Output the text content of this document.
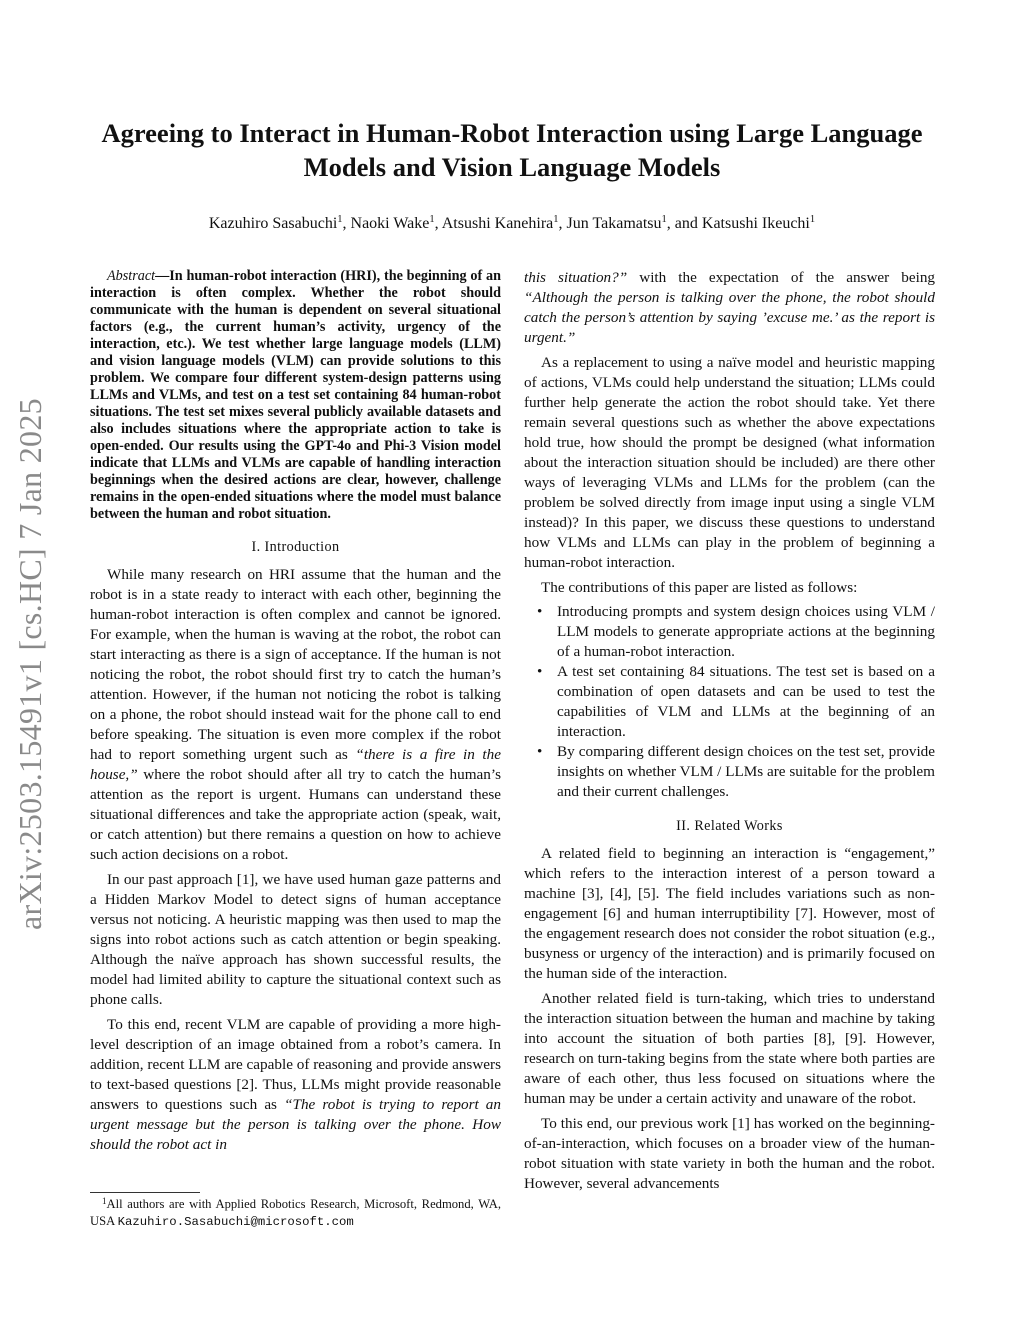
arXiv:2503.15491v1 [cs.HC] 7 Jan 2025
Agreeing to Interact in Human-Robot Interaction using Large Language Models and Vision Language Models
Kazuhiro Sasabuchi$^1$, Naoki Wake$^1$, Atsushi Kanehira$^1$, Jun Takamatsu$^1$, and Katsushi Ikeuchi$^1$

Abstract—In human-robot interaction (HRI), the beginning of an interaction is often complex. Whether the robot should communicate with the human is dependent on several situational factors (e.g., the current human’s activity, urgency of the interaction, etc.). We test whether large language models (LLM) and vision language models (VLM) can provide solutions to this problem. We compare four different system-design patterns using LLMs and VLMs, and test on a test set containing 84 human-robot situations. The test set mixes several publicly available datasets and also includes situations where the appropriate action to take is open-ended. Our results using the GPT-4o and Phi-3 Vision model indicate that LLMs and VLMs are capable of handling interaction beginnings when the desired actions are clear, however, challenge remains in the open-ended situations where the model must balance between the human and robot situation.

I. Introduction

While many research on HRI assume that the human and the robot is in a state ready to interact with each other, beginning the human-robot interaction is often complex and cannot be ignored. For example, when the human is waving at the robot, the robot can start interacting as there is a sign of acceptance. If the human is not noticing the robot, the robot should first try to catch the human’s attention. However, if the human not noticing the robot is talking on a phone, the robot should instead wait for the phone call to end before speaking. The situation is even more complex if the robot had to report something urgent such as “there is a fire in the house,” where the robot should after all try to catch the human’s attention as the report is urgent. Humans can understand these situational differences and take the appropriate action (speak, wait, or catch attention) but there remains a question on how to achieve such action decisions on a robot.

In our past approach [1], we have used human gaze patterns and a Hidden Markov Model to detect signs of human acceptance versus not noticing. A heuristic mapping was then used to map the signs into robot actions such as catch attention or begin speaking. Although the naïve approach has shown successful results, the model had limited ability to capture the situational context such as phone calls.

To this end, recent VLM are capable of providing a more high-level description of an image obtained from a robot’s camera. In addition, recent LLM are capable of reasoning and provide answers to text-based questions [2]. Thus, LLMs might provide reasonable answers to questions such as “The robot is trying to report an urgent message but the person is talking over the phone. How should the robot act in

$^1$All authors are with Applied Robotics Research, Microsoft, Redmond, WA, USA Kazuhiro.Sasabuchi@microsoft.com

this situation?” with the expectation of the answer being “Although the person is talking over the phone, the robot should catch the person’s attention by saying ’excuse me.’ as the report is urgent.”

As a replacement to using a naïve model and heuristic mapping of actions, VLMs could help understand the situation; LLMs could further help generate the action the robot should take. Yet there remain several questions such as whether the above expectations hold true, how should the prompt be designed (what information about the interaction situation should be included) are there other ways of leveraging VLMs and LLMs for the problem (can the problem be solved directly from image input using a single VLM instead)? In this paper, we discuss these questions to understand how VLMs and LLMs can play in the problem of beginning a human-robot interaction.

The contributions of this paper are listed as follows:

• Introducing prompts and system design choices using VLM / LLM models to generate appropriate actions at the beginning of a human-robot interaction.
• A test set containing 84 situations. The test set is based on a combination of open datasets and can be used to test the capabilities of VLM and LLMs at the beginning of an interaction.
• By comparing different design choices on the test set, provide insights on whether VLM / LLMs are suitable for the problem and their current challenges.

II. Related Works

A related field to beginning an interaction is “engagement,” which refers to the interaction interest of a person toward a machine [3], [4], [5]. The field includes variations such as non-engagement [6] and human interruptibility [7]. However, most of the engagement research does not consider the robot situation (e.g., busyness or urgency of the interaction) and is primarily focused on the human side of the interaction.

Another related field is turn-taking, which tries to understand the interaction situation between the human and machine by taking into account the situation of both parties [8], [9]. However, research on turn-taking begins from the state where both parties are aware of each other, thus less focused on situations where the human may be under a certain activity and unaware of the robot.

To this end, our previous work [1] has worked on the beginning-of-an-interaction, which focuses on a broader view of the human-robot situation with state variety in both the human and the robot. However, several advancements
